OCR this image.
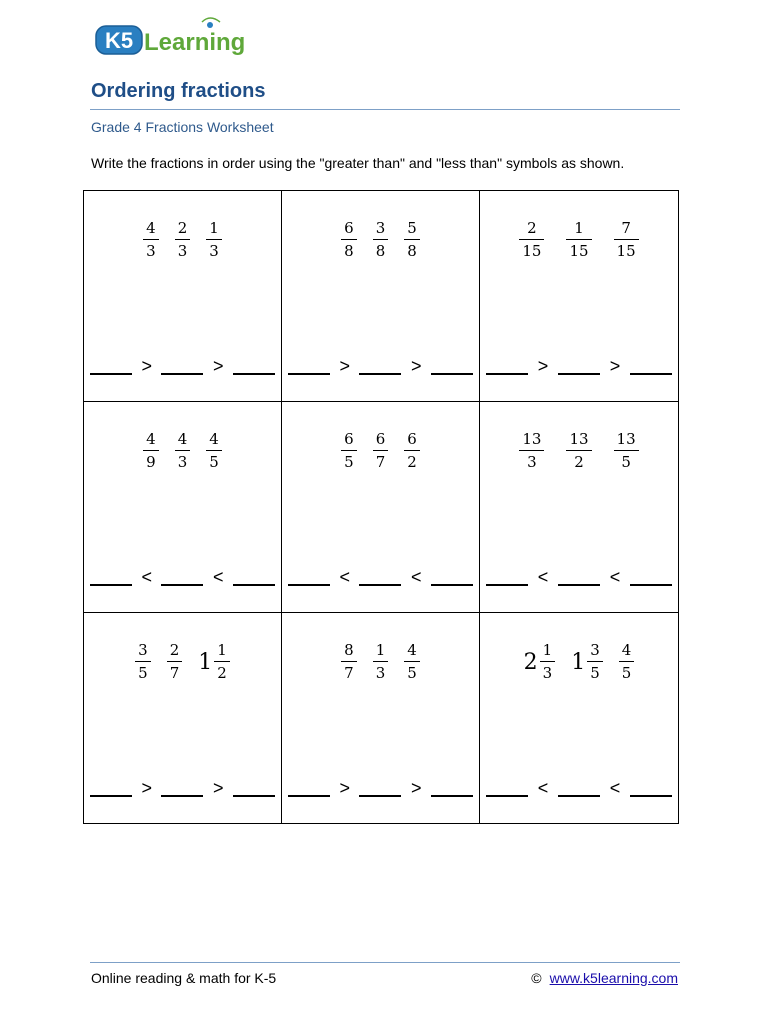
K5 Learning
Ordering fractions
Grade 4 Fractions Worksheet
Write the fractions in order using the "greater than" and "less than" symbols as shown.
$\frac{4}{3} \frac{2}{3} \frac{1}{3}$
>	>
$\frac{6}{8} \frac{3}{8} \frac{5}{8}$
>	>
$\frac{2}{15} \frac{1}{15} \frac{7}{15}$
>	>
$\frac{4}{9} \frac{4}{3} \frac{4}{5}$
<	<
$\frac{6}{5} \frac{6}{7} \frac{6}{2}$
<	<
$\frac{13}{3} \frac{13}{2} \frac{13}{5}$
<	<
$\frac{3}{5} \frac{2}{7} 1 \frac{1}{2}$
>	>
$\frac{8}{7} \frac{1}{3} \frac{4}{5}$
>	>
$2 \frac{1}{3} 1 \frac{3}{5} \frac{4}{5}$
<	<
Online reading & math for K-5	© www.k5learning.com
